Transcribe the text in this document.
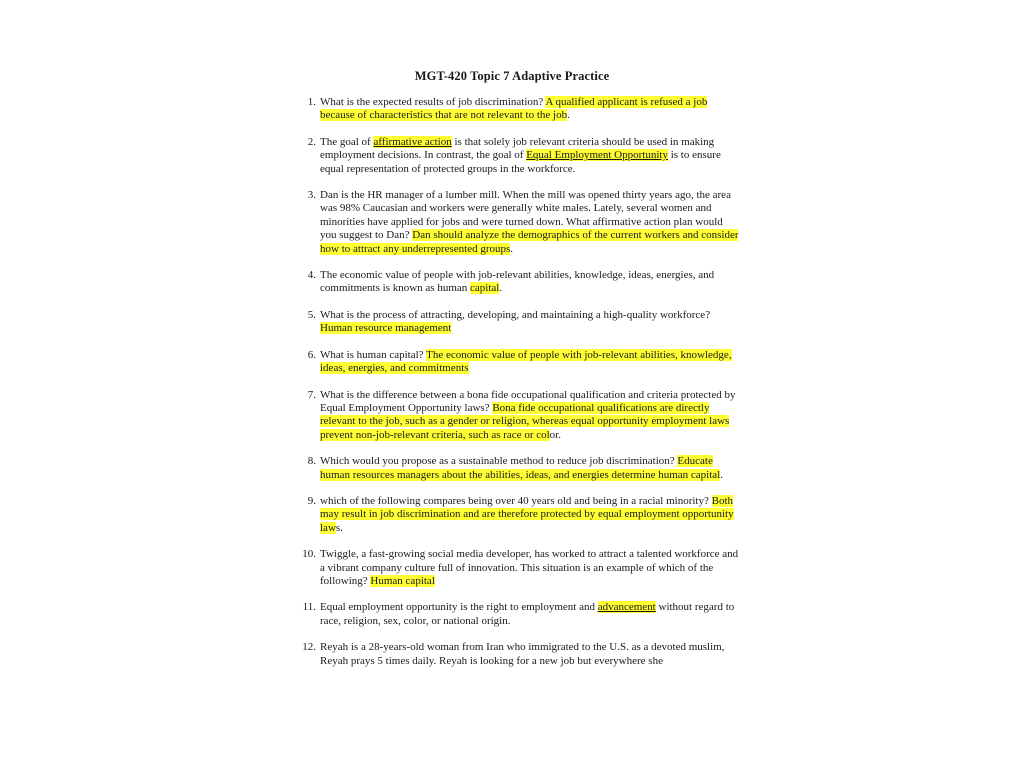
MGT-420 Topic 7 Adaptive Practice
1. What is the expected results of job discrimination? A qualified applicant is refused a job because of characteristics that are not relevant to the job.
2. The goal of affirmative action is that solely job relevant criteria should be used in making employment decisions. In contrast, the goal of Equal Employment Opportunity is to ensure equal representation of protected groups in the workforce.
3. Dan is the HR manager of a lumber mill. When the mill was opened thirty years ago, the area was 98% Caucasian and workers were generally white males. Lately, several women and minorities have applied for jobs and were turned down. What affirmative action plan would you suggest to Dan? Dan should analyze the demographics of the current workers and consider how to attract any underrepresented groups.
4. The economic value of people with job-relevant abilities, knowledge, ideas, energies, and commitments is known as human capital.
5. What is the process of attracting, developing, and maintaining a high-quality workforce? Human resource management
6. What is human capital? The economic value of people with job-relevant abilities, knowledge, ideas, energies, and commitments
7. What is the difference between a bona fide occupational qualification and criteria protected by Equal Employment Opportunity laws? Bona fide occupational qualifications are directly relevant to the job, such as a gender or religion, whereas equal opportunity employment laws prevent non-job-relevant criteria, such as race or color.
8. Which would you propose as a sustainable method to reduce job discrimination? Educate human resources managers about the abilities, ideas, and energies determine human capital.
9. which of the following compares being over 40 years old and being in a racial minority? Both may result in job discrimination and are therefore protected by equal employment opportunity laws.
10. Twiggle, a fast-growing social media developer, has worked to attract a talented workforce and a vibrant company culture full of innovation. This situation is an example of which of the following? Human capital
11. Equal employment opportunity is the right to employment and advancement without regard to race, religion, sex, color, or national origin.
12. Reyah is a 28-years-old woman from Iran who immigrated to the U.S. as a devoted muslim, Reyah prays 5 times daily. Reyah is looking for a new job but everywhere she
